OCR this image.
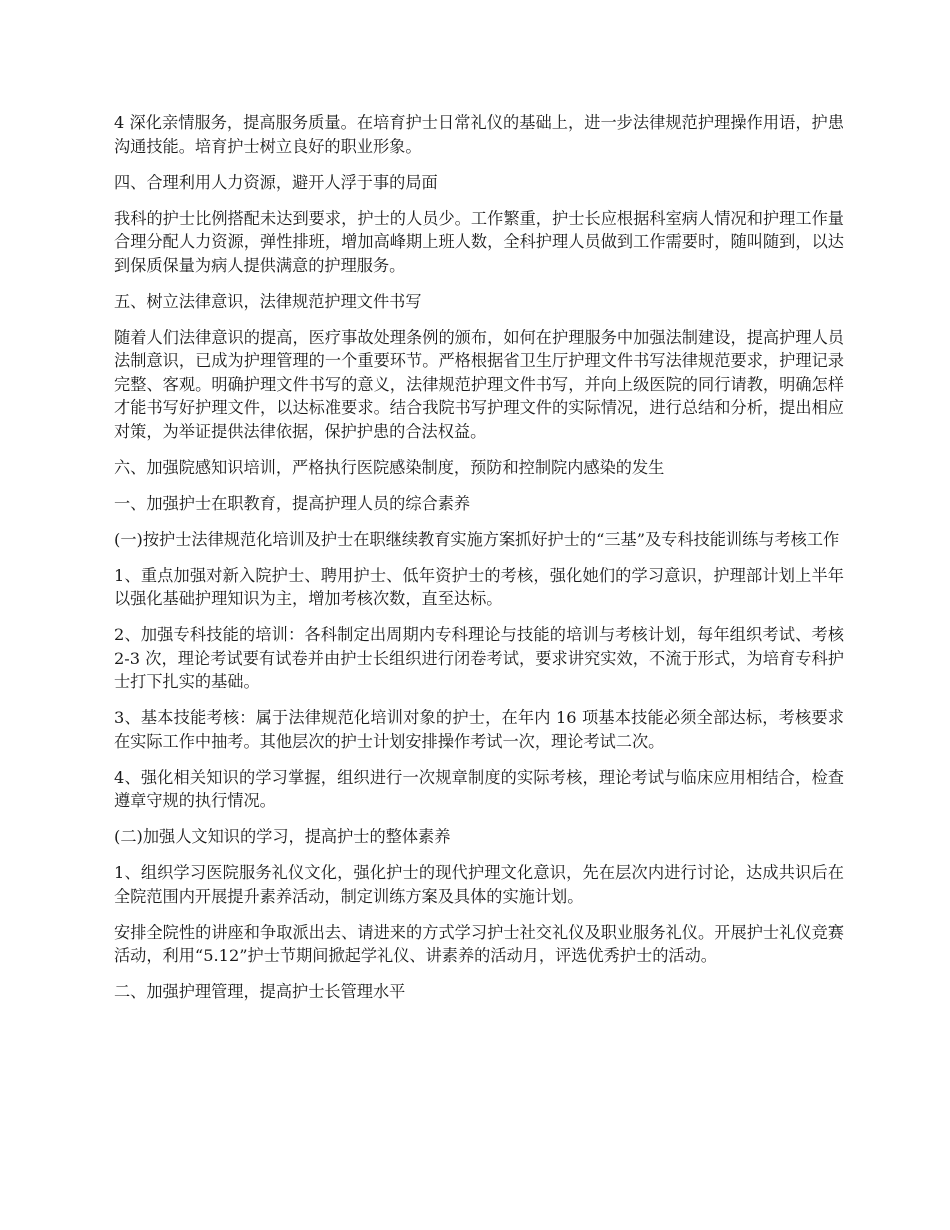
4 深化亲情服务，提高服务质量。在培育护士日常礼仪的基础上，进一步法律规范护理操作用语，护患沟通技能。培育护士树立良好的职业形象。

四、合理利用人力资源，避开人浮于事的局面

我科的护士比例搭配未达到要求，护士的人员少。工作繁重，护士长应根据科室病人情况和护理工作量合理分配人力资源，弹性排班，增加高峰期上班人数，全科护理人员做到工作需要时，随叫随到，以达到保质保量为病人提供满意的护理服务。

五、树立法律意识，法律规范护理文件书写

随着人们法律意识的提高，医疗事故处理条例的颁布，如何在护理服务中加强法制建设，提高护理人员法制意识，已成为护理管理的一个重要环节。严格根据省卫生厅护理文件书写法律规范要求，护理记录完整、客观。明确护理文件书写的意义，法律规范护理文件书写，并向上级医院的同行请教，明确怎样才能书写好护理文件，以达标准要求。结合我院书写护理文件的实际情况，进行总结和分析，提出相应对策，为举证提供法律依据，保护护患的合法权益。

六、加强院感知识培训，严格执行医院感染制度，预防和控制院内感染的发生

一、加强护士在职教育，提高护理人员的综合素养

(一)按护士法律规范化培训及护士在职继续教育实施方案抓好护士的“三基”及专科技能训练与考核工作

1、重点加强对新入院护士、聘用护士、低年资护士的考核，强化她们的学习意识，护理部计划上半年以强化基础护理知识为主，增加考核次数，直至达标。

2、加强专科技能的培训：各科制定出周期内专科理论与技能的培训与考核计划，每年组织考试、考核 2-3 次，理论考试要有试卷并由护士长组织进行闭卷考试，要求讲究实效，不流于形式，为培育专科护士打下扎实的基础。

3、基本技能考核：属于法律规范化培训对象的护士，在年内 16 项基本技能必须全部达标，考核要求在实际工作中抽考。其他层次的护士计划安排操作考试一次，理论考试二次。

4、强化相关知识的学习掌握，组织进行一次规章制度的实际考核，理论考试与临床应用相结合，检查遵章守规的执行情况。

(二)加强人文知识的学习，提高护士的整体素养

1、组织学习医院服务礼仪文化，强化护士的现代护理文化意识，先在层次内进行讨论，达成共识后在全院范围内开展提升素养活动，制定训练方案及具体的实施计划。

安排全院性的讲座和争取派出去、请进来的方式学习护士社交礼仪及职业服务礼仪。开展护士礼仪竞赛活动，利用“5.12”护士节期间掀起学礼仪、讲素养的活动月，评选优秀护士的活动。

二、加强护理管理，提高护士长管理水平
